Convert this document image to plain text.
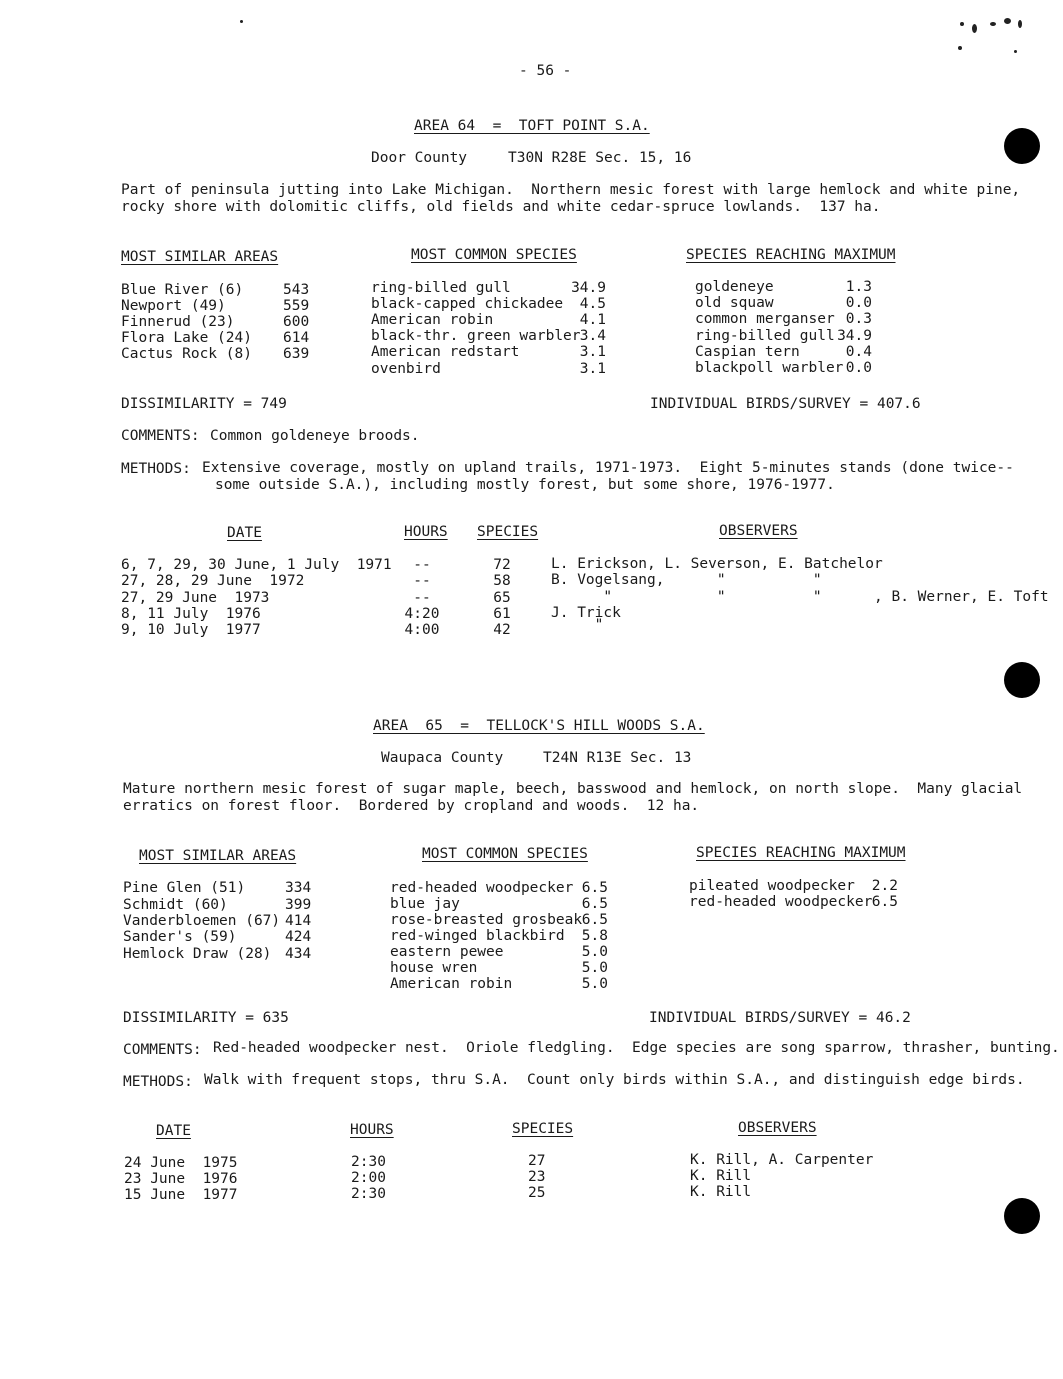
- 56 -
AREA 64  =  TOFT POINT S.A.
Door County	T30N R28E Sec. 15, 16
Part of peninsula jutting into Lake Michigan.  Northern mesic forest with large hemlock and white pine,
rocky shore with dolomitic cliffs, old fields and white cedar-spruce lowlands.  137 ha.
MOST SIMILAR AREAS	MOST COMMON SPECIES	SPECIES REACHING MAXIMUM
Blue River (6)	543
Newport (49)	559
Finnerud (23)	600
Flora Lake (24) 614
Cactus Rock (8) 639
ring-billed gull	34.9
black-capped chickadee	4.5
American robin	4.1
black-thr. green warbler 3.4
American redstart	3.1
ovenbird	3.1
goldeneye	1.3
old squaw	0.0
common merganser 0.3
ring-billed gull 34.9
Caspian tern	0.4
blackpoll warbler 0.0
DISSIMILARITY = 749	INDIVIDUAL BIRDS/SURVEY = 407.6
COMMENTS: Common goldeneye broods.
METHODS: Extensive coverage, mostly on upland trails, 1971-1973.  Eight 5-minutes stands (done twice--
some outside S.A.), including mostly forest, but some shore, 1976-1977.
DATE	HOURS SPECIES	OBSERVERS
6, 7, 29, 30 June, 1 July  1971	--	72	L. Erickson, L. Severson, E. Batchelor
27, 28, 29 June  1972	--	58	B. Vogelsang,      "          "
27, 29 June  1973	--	65	"            "          "      , B. Werner, E. Toft
8, 11 July  1976	4:20	61	J. Trick
9, 10 July  1977	4:00	42	"
AREA  65  =  TELLOCK'S HILL WOODS S.A.
Waupaca County	T24N R13E Sec. 13
Mature northern mesic forest of sugar maple, beech, basswood and hemlock, on north slope.  Many glacial
erratics on forest floor.  Bordered by cropland and woods.  12 ha.
MOST SIMILAR AREAS	MOST COMMON SPECIES	SPECIES REACHING MAXIMUM
Pine Glen (51)	334
Schmidt (60)	399
Vanderbloemen (67) 414
Sander's (59)	424
Hemlock Draw (28) 434
red-headed woodpecker 6.5
blue jay	6.5
rose-breasted grosbeak 6.5
red-winged blackbird	5.8
eastern pewee	5.0
house wren	5.0
American robin	5.0
pileated woodpecker	2.2
red-headed woodpecker 6.5
DISSIMILARITY = 635	INDIVIDUAL BIRDS/SURVEY = 46.2
COMMENTS: Red-headed woodpecker nest.  Oriole fledgling.  Edge species are song sparrow, thrasher, bunting.
METHODS: Walk with frequent stops, thru S.A.  Count only birds within S.A., and distinguish edge birds.
DATE	HOURS	SPECIES	OBSERVERS
24 June  1975	2:30	27	K. Rill, A. Carpenter
23 June  1976	2:00	23	K. Rill
15 June  1977	2:30	25	K. Rill
